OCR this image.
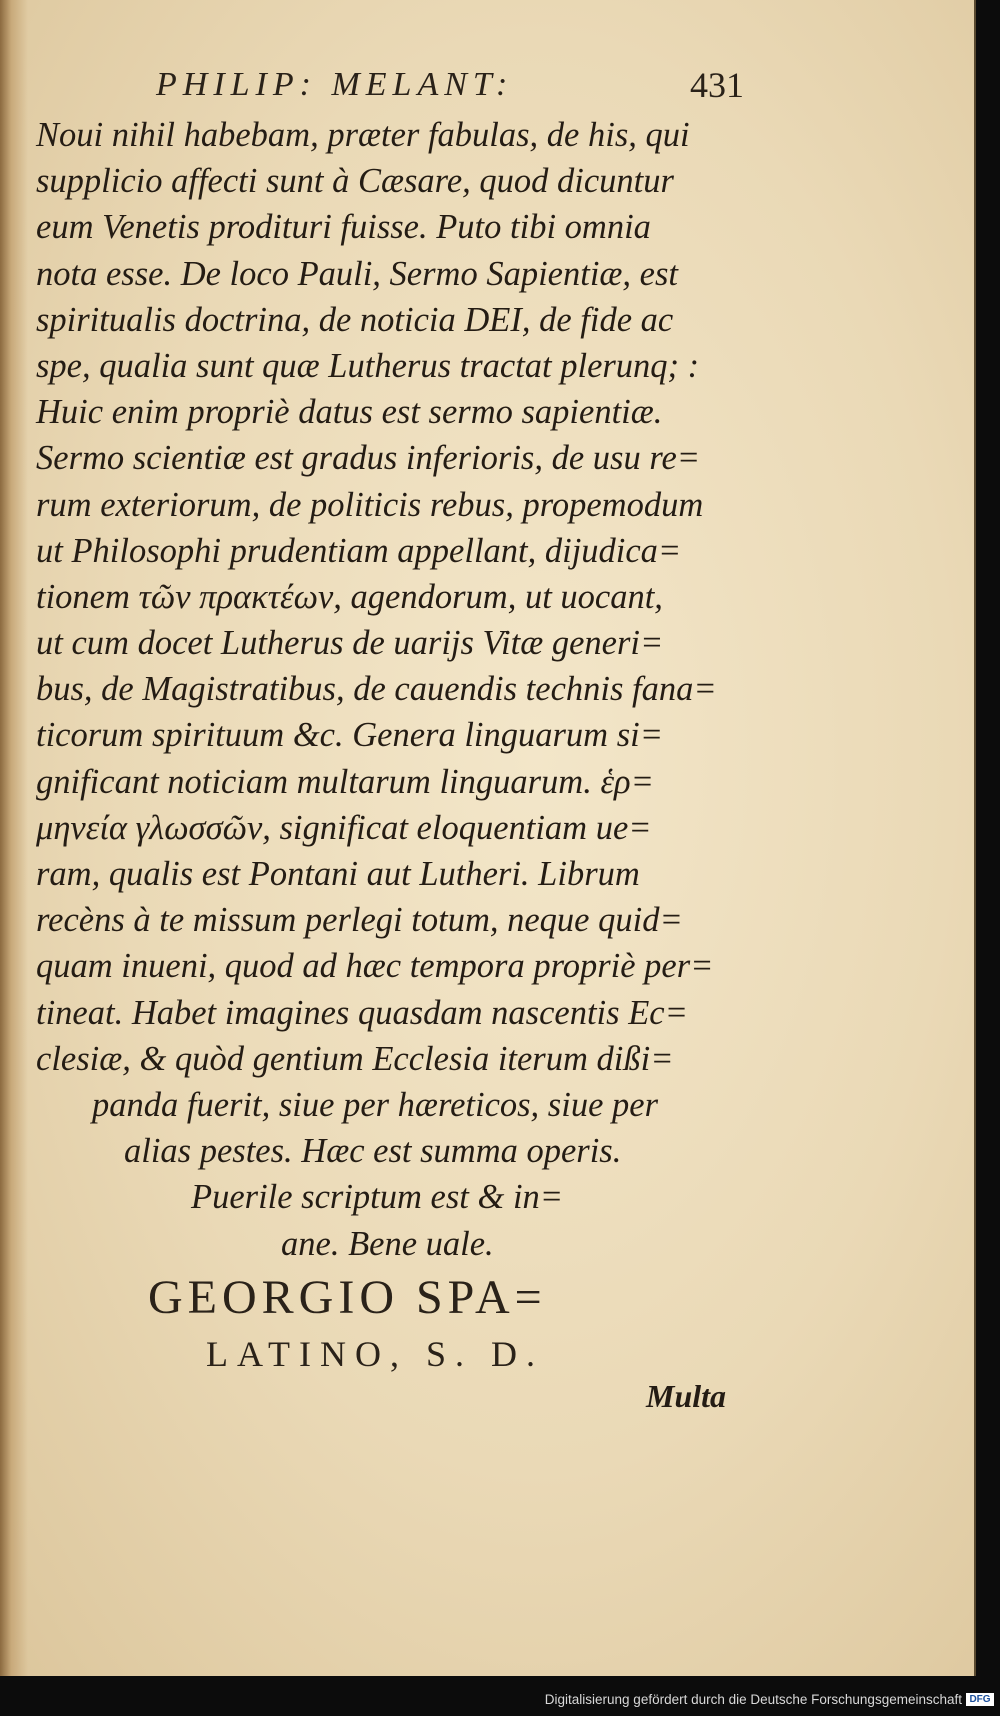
PHILIP: MELANT:	431
Noui nihil habebam, præter fabulas, de his, qui
supplicio affecti sunt à Cæsare, quod dicuntur
eum Venetis prodituri fuisse. Puto tibi omnia
nota esse. De loco Pauli, Sermo Sapientiæ, est
spiritualis doctrina, de noticia DEI, de fide ac
spe, qualia sunt quæ Lutherus tractat plerunq; :
Huic enim propriè datus est sermo sapientiæ.
Sermo scientiæ est gradus inferioris, de usu re=
rum exteriorum, de politicis rebus, propemodum
ut Philosophi prudentiam appellant, dijudica=
tionem τῶν πρακτέων, agendorum, ut uocant,
ut cum docet Lutherus de uarijs Vitæ generi=
bus, de Magistratibus, de cauendis technis fana=
ticorum spirituum &c. Genera linguarum si=
gnificant noticiam multarum linguarum. ἑρ=
μηνεία γλωσσῶν, significat eloquentiam ue=
ram, qualis est Pontani aut Lutheri. Librum
recèns à te missum perlegi totum, neque quid=
quam inueni, quod ad hæc tempora propriè per=
tineat. Habet imagines quasdam nascentis Ec=
clesiæ, & quòd gentium Ecclesia iterum dißi=
panda fuerit, siue per hæreticos, siue per
alias pestes. Hæc est summa operis.
Puerile scriptum est & in=
ane. Bene uale.
GEORGIO SPA=
LATINO, S. D.
Multa
Digitalisierung gefördert durch die Deutsche Forschungsgemeinschaft DFG
